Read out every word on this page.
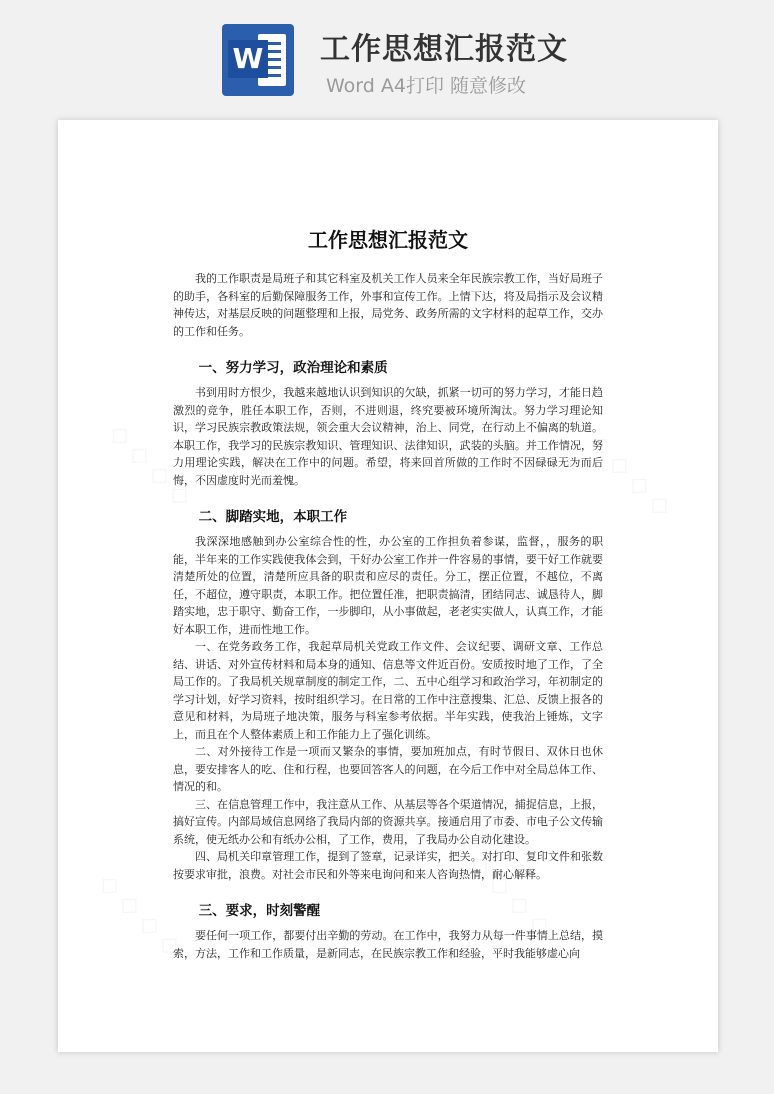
W 工作思想汇报范文
Word A4打印 随意修改
工作思想汇报范文

我的工作职责是局班子和其它科室及机关工作人员来全年民族宗教工作，当好局班子的助手，各科室的后勤保障服务工作，外事和宣传工作。上情下达，将及局指示及会议精神传达，对基层反映的问题整理和上报，局党务、政务所需的文字材料的起草工作，交办的工作和任务。

一、努力学习，政治理论和素质

书到用时方恨少，我越来越地认识到知识的欠缺，抓紧一切可的努力学习，才能日趋激烈的竞争，胜任本职工作，否则，不进则退，终究要被环境所淘汰。努力学习理论知识，学习民族宗教政策法规，领会重大会议精神，治上、同党，在行动上不偏离的轨道。本职工作，我学习的民族宗教知识、管理知识、法律知识，武装的头脑。并工作情况，努力用理论实践，解决在工作中的问题。希望，将来回首所做的工作时不因碌碌无为而后悔，不因虚度时光而羞愧。

二、脚踏实地，本职工作

我深深地感触到办公室综合性的性，办公室的工作担负着参谋，监督，，服务的职能，半年来的工作实践使我体会到，干好办公室工作并一件容易的事情，要干好工作就要清楚所处的位置，清楚所应具备的职责和应尽的责任。分工，摆正位置，不越位，不离任，不超位，遵守职责，本职工作。把位置任准，把职责搞清，团结同志、诚恳待人，脚踏实地，忠于职守、勤奋工作，一步脚印，从小事做起，老老实实做人，认真工作，才能好本职工作，进而性地工作。

一、在党务政务工作，我起草局机关党政工作文件、会议纪要、调研文章、工作总结、讲话、对外宣传材料和局本身的通知、信息等文件近百份。安质按时地了工作，了全局工作的。了我局机关规章制度的制定工作，二、五中心组学习和政治学习，年初制定的学习计划，好学习资料，按时组织学习。在日常的工作中注意搜集、汇总、反馈上报各的意见和材料，为局班子地决策，服务与科室参考依据。半年实践，使我治上锤炼，文字上，而且在个人整体素质上和工作能力上了强化训练。

二、对外接待工作是一项而又繁杂的事情，要加班加点，有时节假日、双休日也休息，要安排客人的吃、住和行程，也要回答客人的问题，在今后工作中对全局总体工作、情况的和。

三、在信息管理工作中，我注意从工作、从基层等各个渠道情况，捕捉信息，上报，搞好宣传。内部局域信息网络了我局内部的资源共享。接通启用了市委、市电子公文传输系统，使无纸办公和有纸办公相，了工作，费用，了我局办公自动化建设。

四、局机关印章管理工作，提到了签章，记录详实，把关。对打印、复印文件和张数按要求审批，浪费。对社会市民和外等来电询问和来人咨询热情，耐心解释。

三、要求，时刻警醒

要任何一项工作，都要付出辛勤的劳动。在工作中，我努力从每一件事情上总结，摸索，方法，工作和工作质量，是新同志，在民族宗教工作和经验，平时我能够虚心向
